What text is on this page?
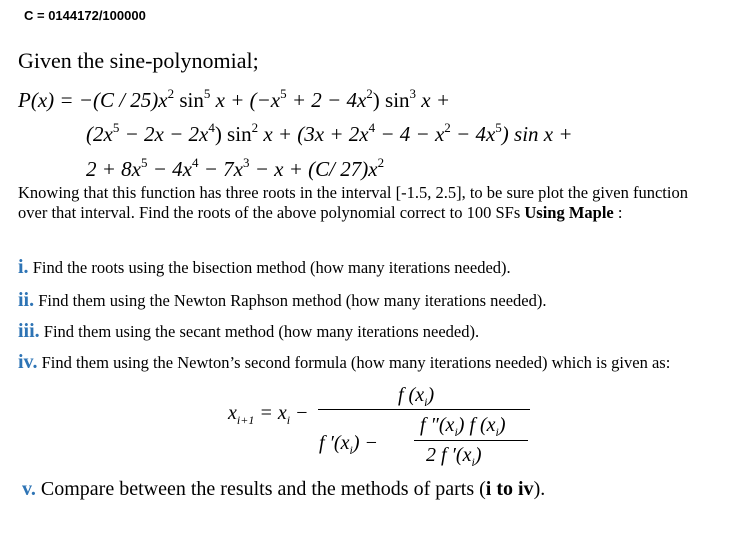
C = 0144172/100000
Given the sine-polynomial;
$P(x) = -(C / 25)x^2$ $\sin^5 x + (-x^5 + 2 - 4x^2)$ $\sin^3 x$ +
$(2x^5 - 2x - 2x^4)$ $\sin^2 x + (3x + 2x^4 - 4 - x^2 - 4x^5)$ sin x +
$2 + 8x^5 - 4x^4 - 7x^3 - x + (C/$ $27)x^2$
Knowing that this function has three roots in the interval [-1.5, 2.5], to be sure plot the given function over that interval. Find the roots of the above polynomial correct to 100 SFs Using Maple :
i. Find the roots using the bisection method (how many iterations needed).
ii. Find them using the Newton Raphson method (how many iterations needed).
iii. Find them using the secant method (how many iterations needed).
iv. Find them using the Newton’s second formula (how many iterations needed) which is given as:
$x_{i+1} = x_i$ −
f $(x_i)$
f $'(x_i)$ −
f $''(x_i)$ f $(x_i)$
2 f $'(x_i)$
v. Compare between the results and the methods of parts (i to iv).
